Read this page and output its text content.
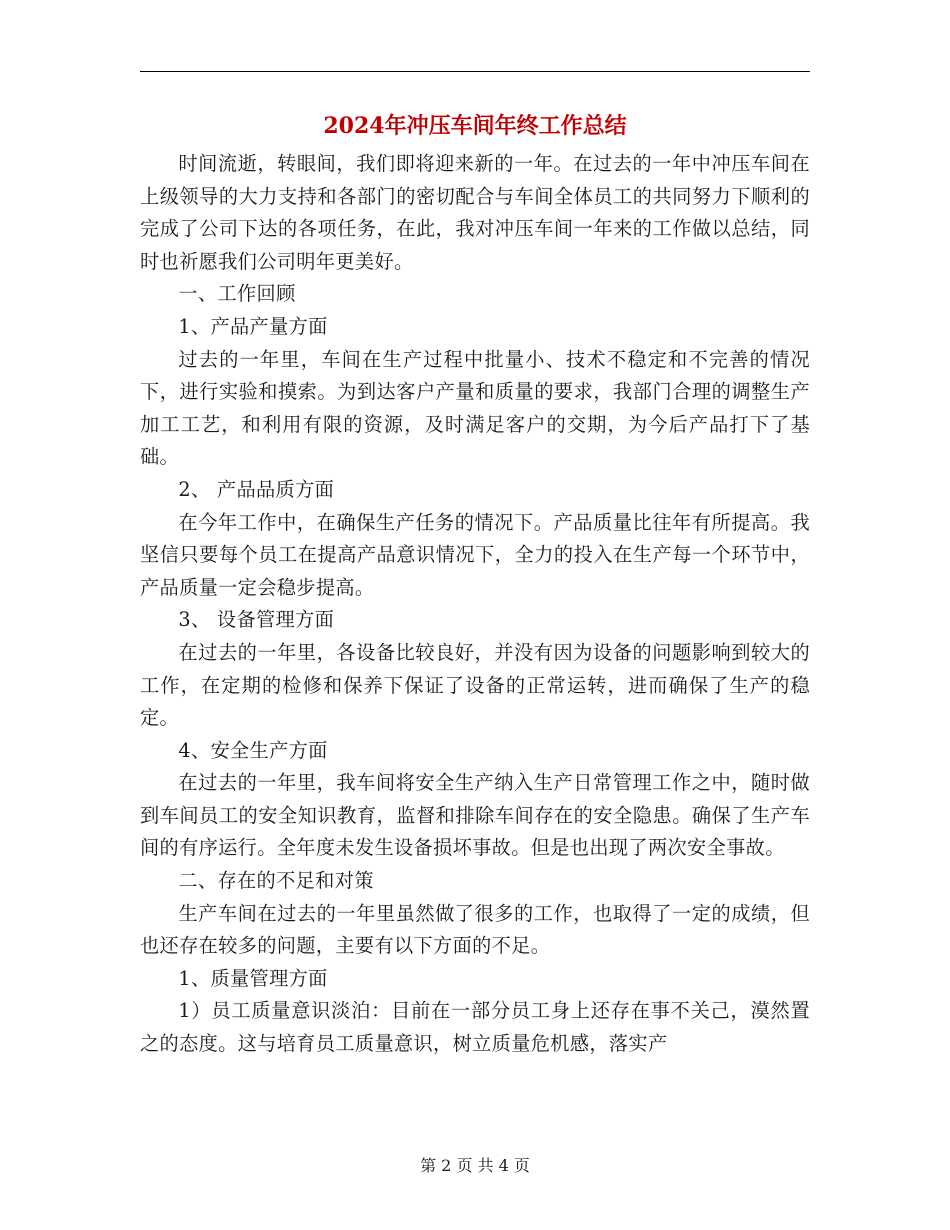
2024年冲压车间年终工作总结

时间流逝，转眼间，我们即将迎来新的一年。在过去的一年中冲压车间在上级领导的大力支持和各部门的密切配合与车间全体员工的共同努力下顺利的完成了公司下达的各项任务，在此，我对冲压车间一年来的工作做以总结，同时也祈愿我们公司明年更美好。

一、工作回顾

1、产品产量方面

过去的一年里，车间在生产过程中批量小、技术不稳定和不完善的情况下，进行实验和摸索。为到达客户产量和质量的要求，我部门合理的调整生产加工工艺，和利用有限的资源，及时满足客户的交期，为今后产品打下了基础。

2、 产品品质方面

在今年工作中，在确保生产任务的情况下。产品质量比往年有所提高。我坚信只要每个员工在提高产品意识情况下，全力的投入在生产每一个环节中，产品质量一定会稳步提高。

3、 设备管理方面

在过去的一年里，各设备比较良好，并没有因为设备的问题影响到较大的工作，在定期的检修和保养下保证了设备的正常运转，进而确保了生产的稳定。

4、安全生产方面

在过去的一年里，我车间将安全生产纳入生产日常管理工作之中，随时做到车间员工的安全知识教育，监督和排除车间存在的安全隐患。确保了生产车间的有序运行。全年度未发生设备损坏事故。但是也出现了两次安全事故。

二、存在的不足和对策

生产车间在过去的一年里虽然做了很多的工作，也取得了一定的成绩，但也还存在较多的问题，主要有以下方面的不足。

1、质量管理方面

1）员工质量意识淡泊：目前在一部分员工身上还存在事不关己，漠然置之的态度。这与培育员工质量意识，树立质量危机感，落实产

第 2 页 共 4 页
